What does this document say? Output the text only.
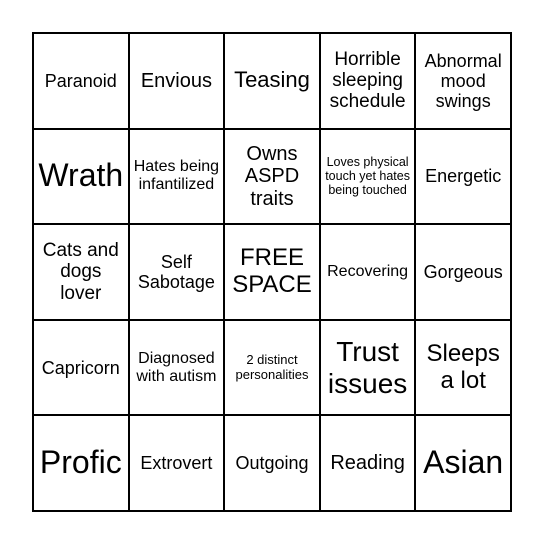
Paranoid Envious Teasing
Horrible sleeping schedule
Abnormal mood swings
Wrath Hates being infantilized
Owns ASPD traits
Loves physical touch yet hates being touched
Energetic
Cats and dogs lover
Self Sabotage
FREE SPACE Recovering Gorgeous
Capricorn	Diagnosed with autism
2 distinct personalities
Trust issues
Sleeps a lot
Profic Extrovert Outgoing Reading Asian
